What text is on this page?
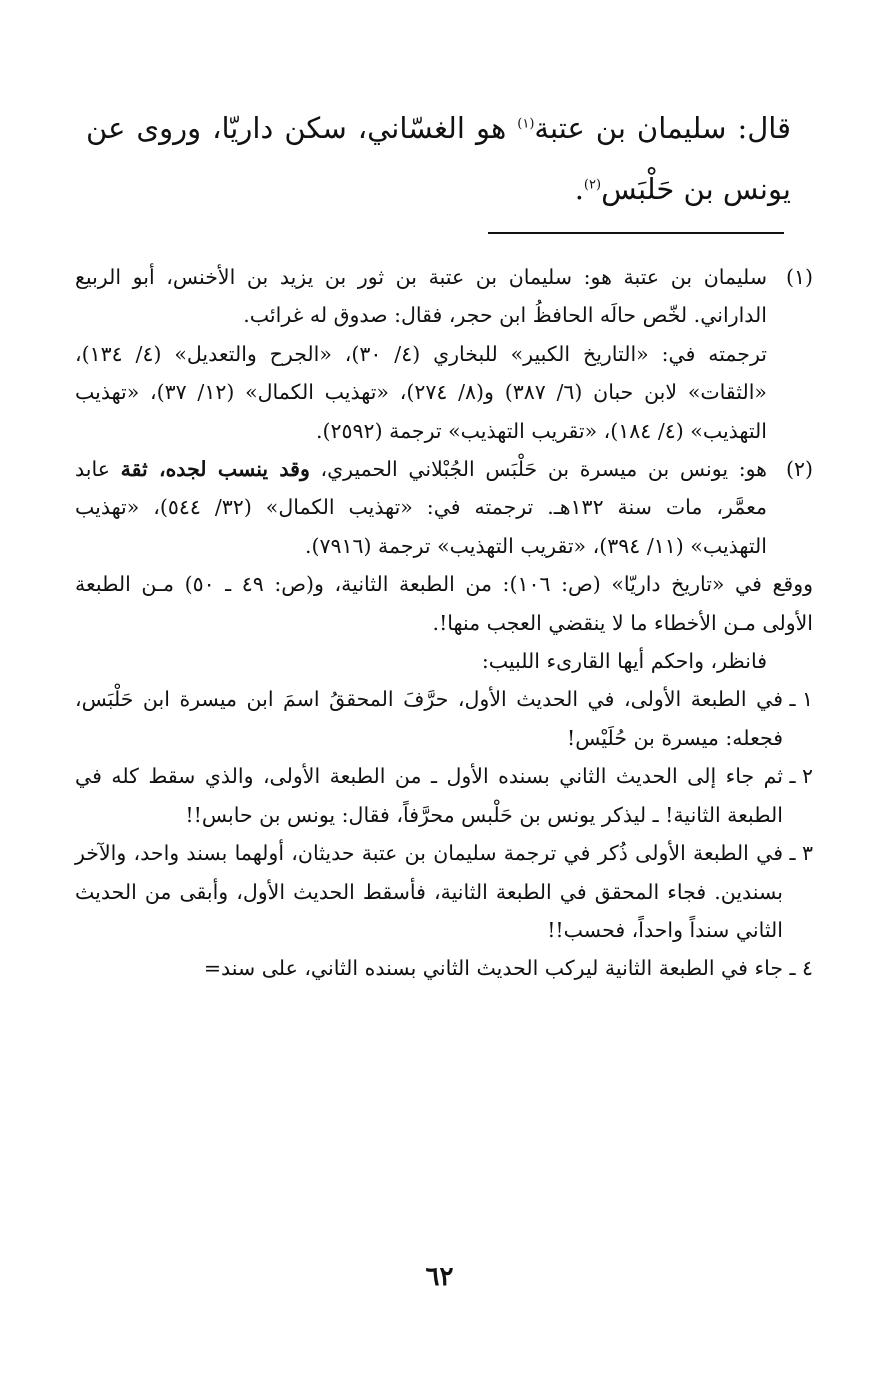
قال: سليمان بن عتبة$^{(١)}$ هو الغسّاني، سكن داريّا، وروى عن يونس بن حَلْبَس$^{(٢)}$.
(١)

سليمان بن عتبة هو: سليمان بن عتبة بن ثور بن يزيد بن الأخنس، أبو الربيع الداراني. لخّص حالَه الحافظُ ابن حجر، فقال: صدوق له غرائب.

ترجمته في: «التاريخ الكبير» للبخاري (٤/ ٣٠)، «الجرح والتعديل» (٤/ ١٣٤)، «الثقات» لابن حبان (٦/ ٣٨٧) و(٨/ ٢٧٤)، «تهذيب الكمال» (١٢/ ٣٧)، «تهذيب التهذيب» (٤/ ١٨٤)، «تقريب التهذيب» ترجمة (٢٥٩٢).

(٢)

هو: يونس بن ميسرة بن حَلْبَس الجُبْلاني الحميري، وقد ينسب لجده، ثقة عابد معمَّر، مات سنة ١٣٢هـ. ترجمته في: «تهذيب الكمال» (٣٢/ ٥٤٤)، «تهذيب التهذيب» (١١/ ٣٩٤)، «تقريب التهذيب» ترجمة (٧٩١٦).

ووقع في «تاريخ داريّا» (ص: ١٠٦): من الطبعة الثانية، و(ص: ٤٩ ـ ٥٠) مـن الطبعة الأولى مـن الأخطاء ما لا ينقضي العجب منها!.

فانظر، واحكم أيها القارىء اللبيب:

١ ـ
في الطبعة الأولى، في الحديث الأول، حرَّفَ المحققُ اسمَ ابن ميسرة ابن حَلْبَس، فجعله: ميسرة بن حُلَيْس!
٢ ـ
ثم جاء إلى الحديث الثاني بسنده الأول ـ من الطبعة الأولى، والذي سقط كله في الطبعة الثانية! ـ ليذكر يونس بن حَلْبس محرَّفاً، فقال: يونس بن حابس!!
٣ ـ
في الطبعة الأولى ذُكر في ترجمة سليمان بن عتبة حديثان، أولهما بسند واحد، والآخر بسندين. فجاء المحقق في الطبعة الثانية، فأسقط الحديث الأول، وأبقى من الحديث الثاني سنداً واحداً، فحسب!!
٤ ـ
جاء في الطبعة الثانية ليركب الحديث الثاني بسنده الثاني، على سند=
٦٢
